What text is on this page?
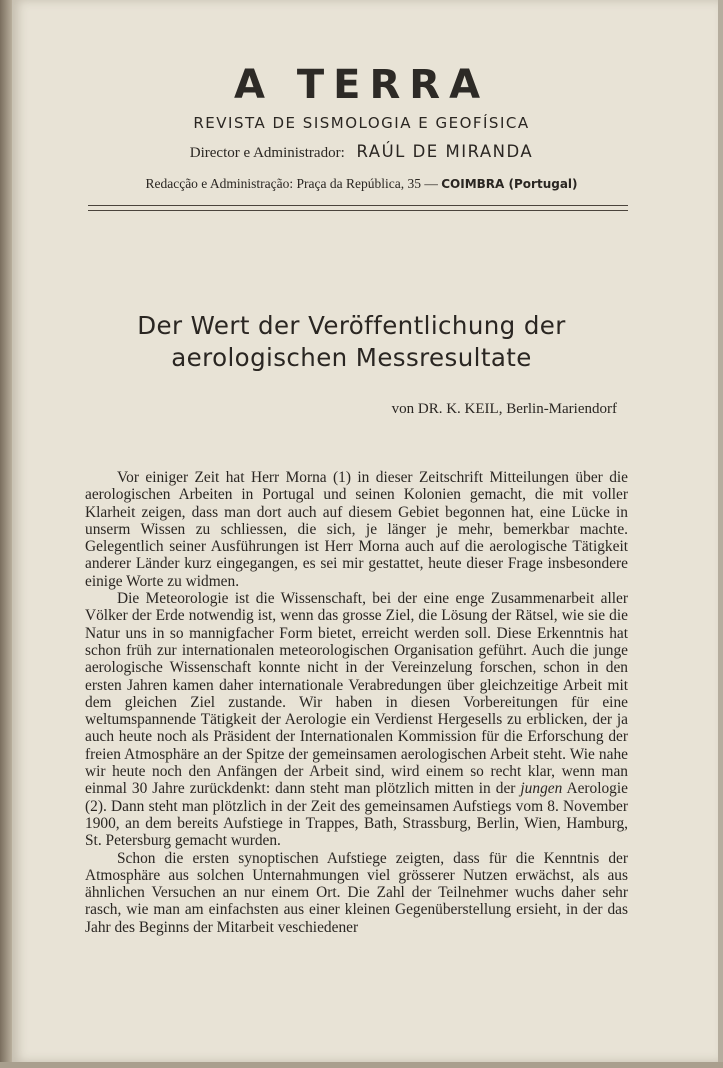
A TERRA
REVISTA DE SISMOLOGIA E GEOFÍSICA
Director e Administrador: RAÚL DE MIRANDA
Redacção e Administração: Praça da República, 35 — COIMBRA (Portugal)
Der Wert der Veröffentlichung der
aerologischen Messresultate
von DR. K. KEIL, Berlin-Mariendorf

Vor einiger Zeit hat Herr Morna (1) in dieser Zeitschrift Mitteilungen über die aerologischen Arbeiten in Portugal und seinen Kolonien gemacht, die mit voller Klarheit zeigen, dass man dort auch auf diesem Gebiet begonnen hat, eine Lücke in unserm Wissen zu schliessen, die sich, je länger je mehr, bemerkbar machte. Gelegentlich seiner Ausführungen ist Herr Morna auch auf die aerologische Tätigkeit anderer Länder kurz eingegangen, es sei mir gestattet, heute dieser Frage insbesondere einige Worte zu widmen.

Die Meteorologie ist die Wissenschaft, bei der eine enge Zusammenarbeit aller Völker der Erde notwendig ist, wenn das grosse Ziel, die Lösung der Rätsel, wie sie die Natur uns in so mannigfacher Form bietet, erreicht werden soll. Diese Erkenntnis hat schon früh zur internationalen meteorologischen Organisation geführt. Auch die junge aerologische Wissenschaft konnte nicht in der Vereinzelung forschen, schon in den ersten Jahren kamen daher internationale Verabredungen über gleichzeitige Arbeit mit dem gleichen Ziel zustande. Wir haben in diesen Vorbereitungen für eine weltumspannende Tätigkeit der Aerologie ein Verdienst Hergesells zu erblicken, der ja auch heute noch als Präsident der Internationalen Kommission für die Erforschung der freien Atmosphäre an der Spitze der gemeinsamen aerologischen Arbeit steht. Wie nahe wir heute noch den Anfängen der Arbeit sind, wird einem so recht klar, wenn man einmal 30 Jahre zurückdenkt: dann steht man plötzlich mitten in der jungen Aerologie (2). Dann steht man plötzlich in der Zeit des gemeinsamen Aufstiegs vom 8. November 1900, an dem bereits Aufstiege in Trappes, Bath, Strassburg, Berlin, Wien, Hamburg, St. Petersburg gemacht wurden.

Schon die ersten synoptischen Aufstiege zeigten, dass für die Kenntnis der Atmosphäre aus solchen Unternahmungen viel grösserer Nutzen erwächst, als aus ähnlichen Versuchen an nur einem Ort. Die Zahl der Teilnehmer wuchs daher sehr rasch, wie man am einfachsten aus einer kleinen Gegenüberstellung ersieht, in der das Jahr des Beginns der Mitarbeit veschiedener
